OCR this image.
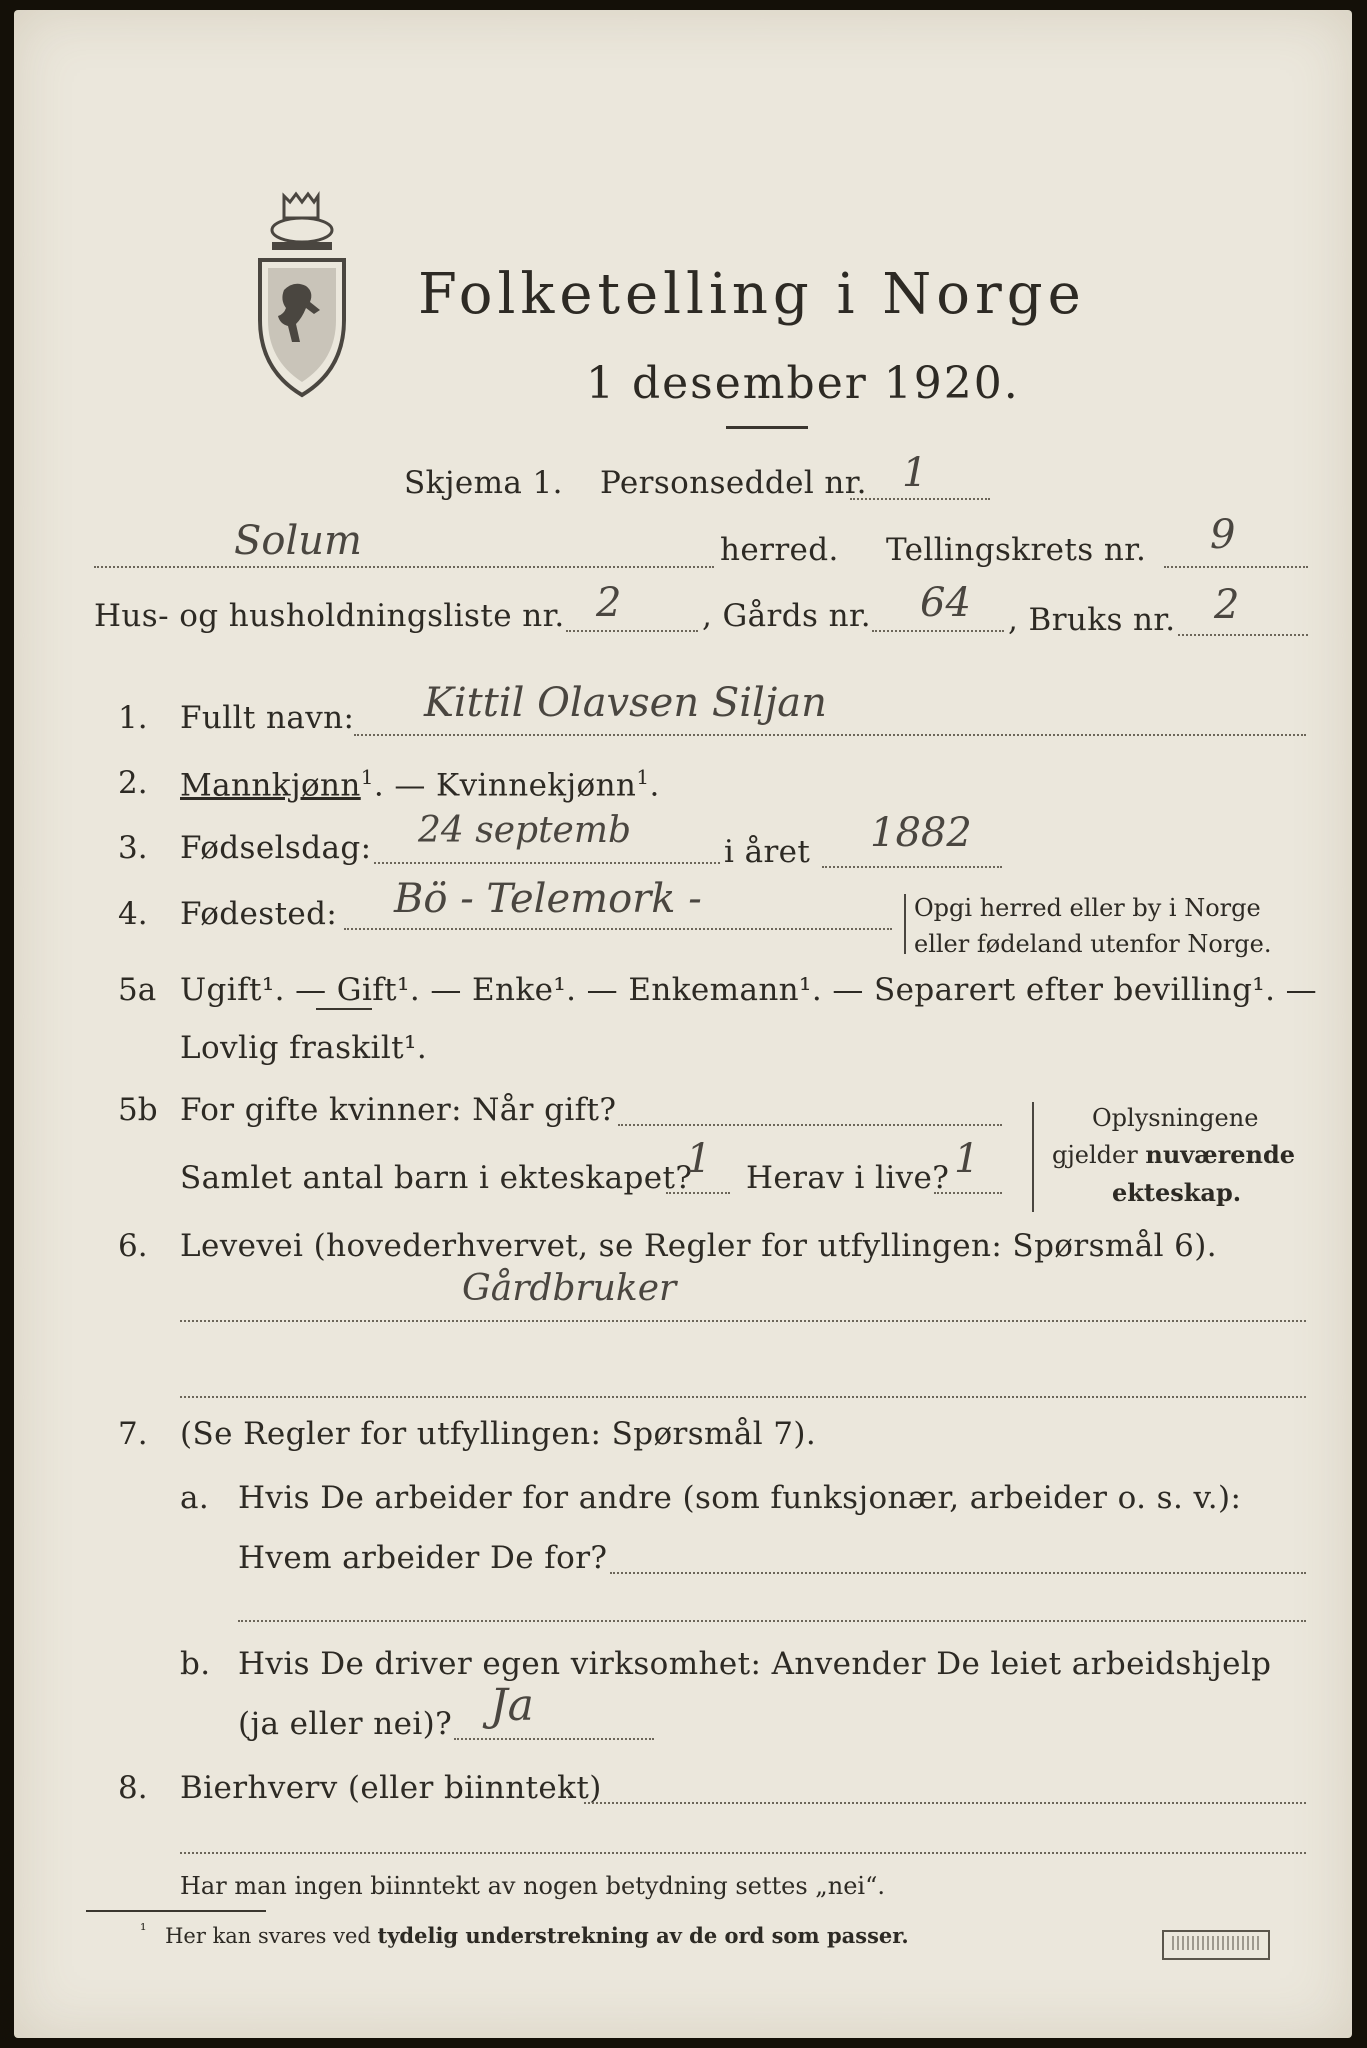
Folketelling i Norge
1 desember 1920.
Skjema 1. Personseddel nr. 1
Solum	herred. Tellingskrets nr. 9
Hus- og husholdningsliste nr. 2	, Gårds nr. 64 , Bruks nr. 2
1. Fullt navn: Kittil Olavsen Siljan
2. Mannkjønn$^1$. — Kvinnekjønn$^1$.
3. Fødselsdag: 24 septemb
i året 1882
4. Fødested: Bö - Telemork -	Opgi herred eller by i Norge
eller fødeland utenfor Norge.
5a Ugift¹. — Gift¹. — Enke¹. — Enkemann¹. — Separert efter bevilling¹. —
Lovlig fraskilt¹.
5b For gifte kvinner: Når gift?
Samlet antal barn i ekteskapet?
1 Herav i live? 1
Oplysningene
gjelder nuværende
ekteskap.
6. Levevei (hovederhvervet, se Regler for utfyllingen: Spørsmål 6).
Gårdbruker
7. (Se Regler for utfyllingen: Spørsmål 7).
a. Hvis De arbeider for andre (som funksjonær, arbeider o. s. v.):
Hvem arbeider De for?
b. Hvis De driver egen virksomhet: Anvender De leiet arbeidshjelp
(ja eller nei)? Ja
8. Bierhverv (eller biinntekt)
Har man ingen biinntekt av nogen betydning settes „nei“.
$^{^1}$ Her kan svares ved tydelig understrekning av de ord som passer.
